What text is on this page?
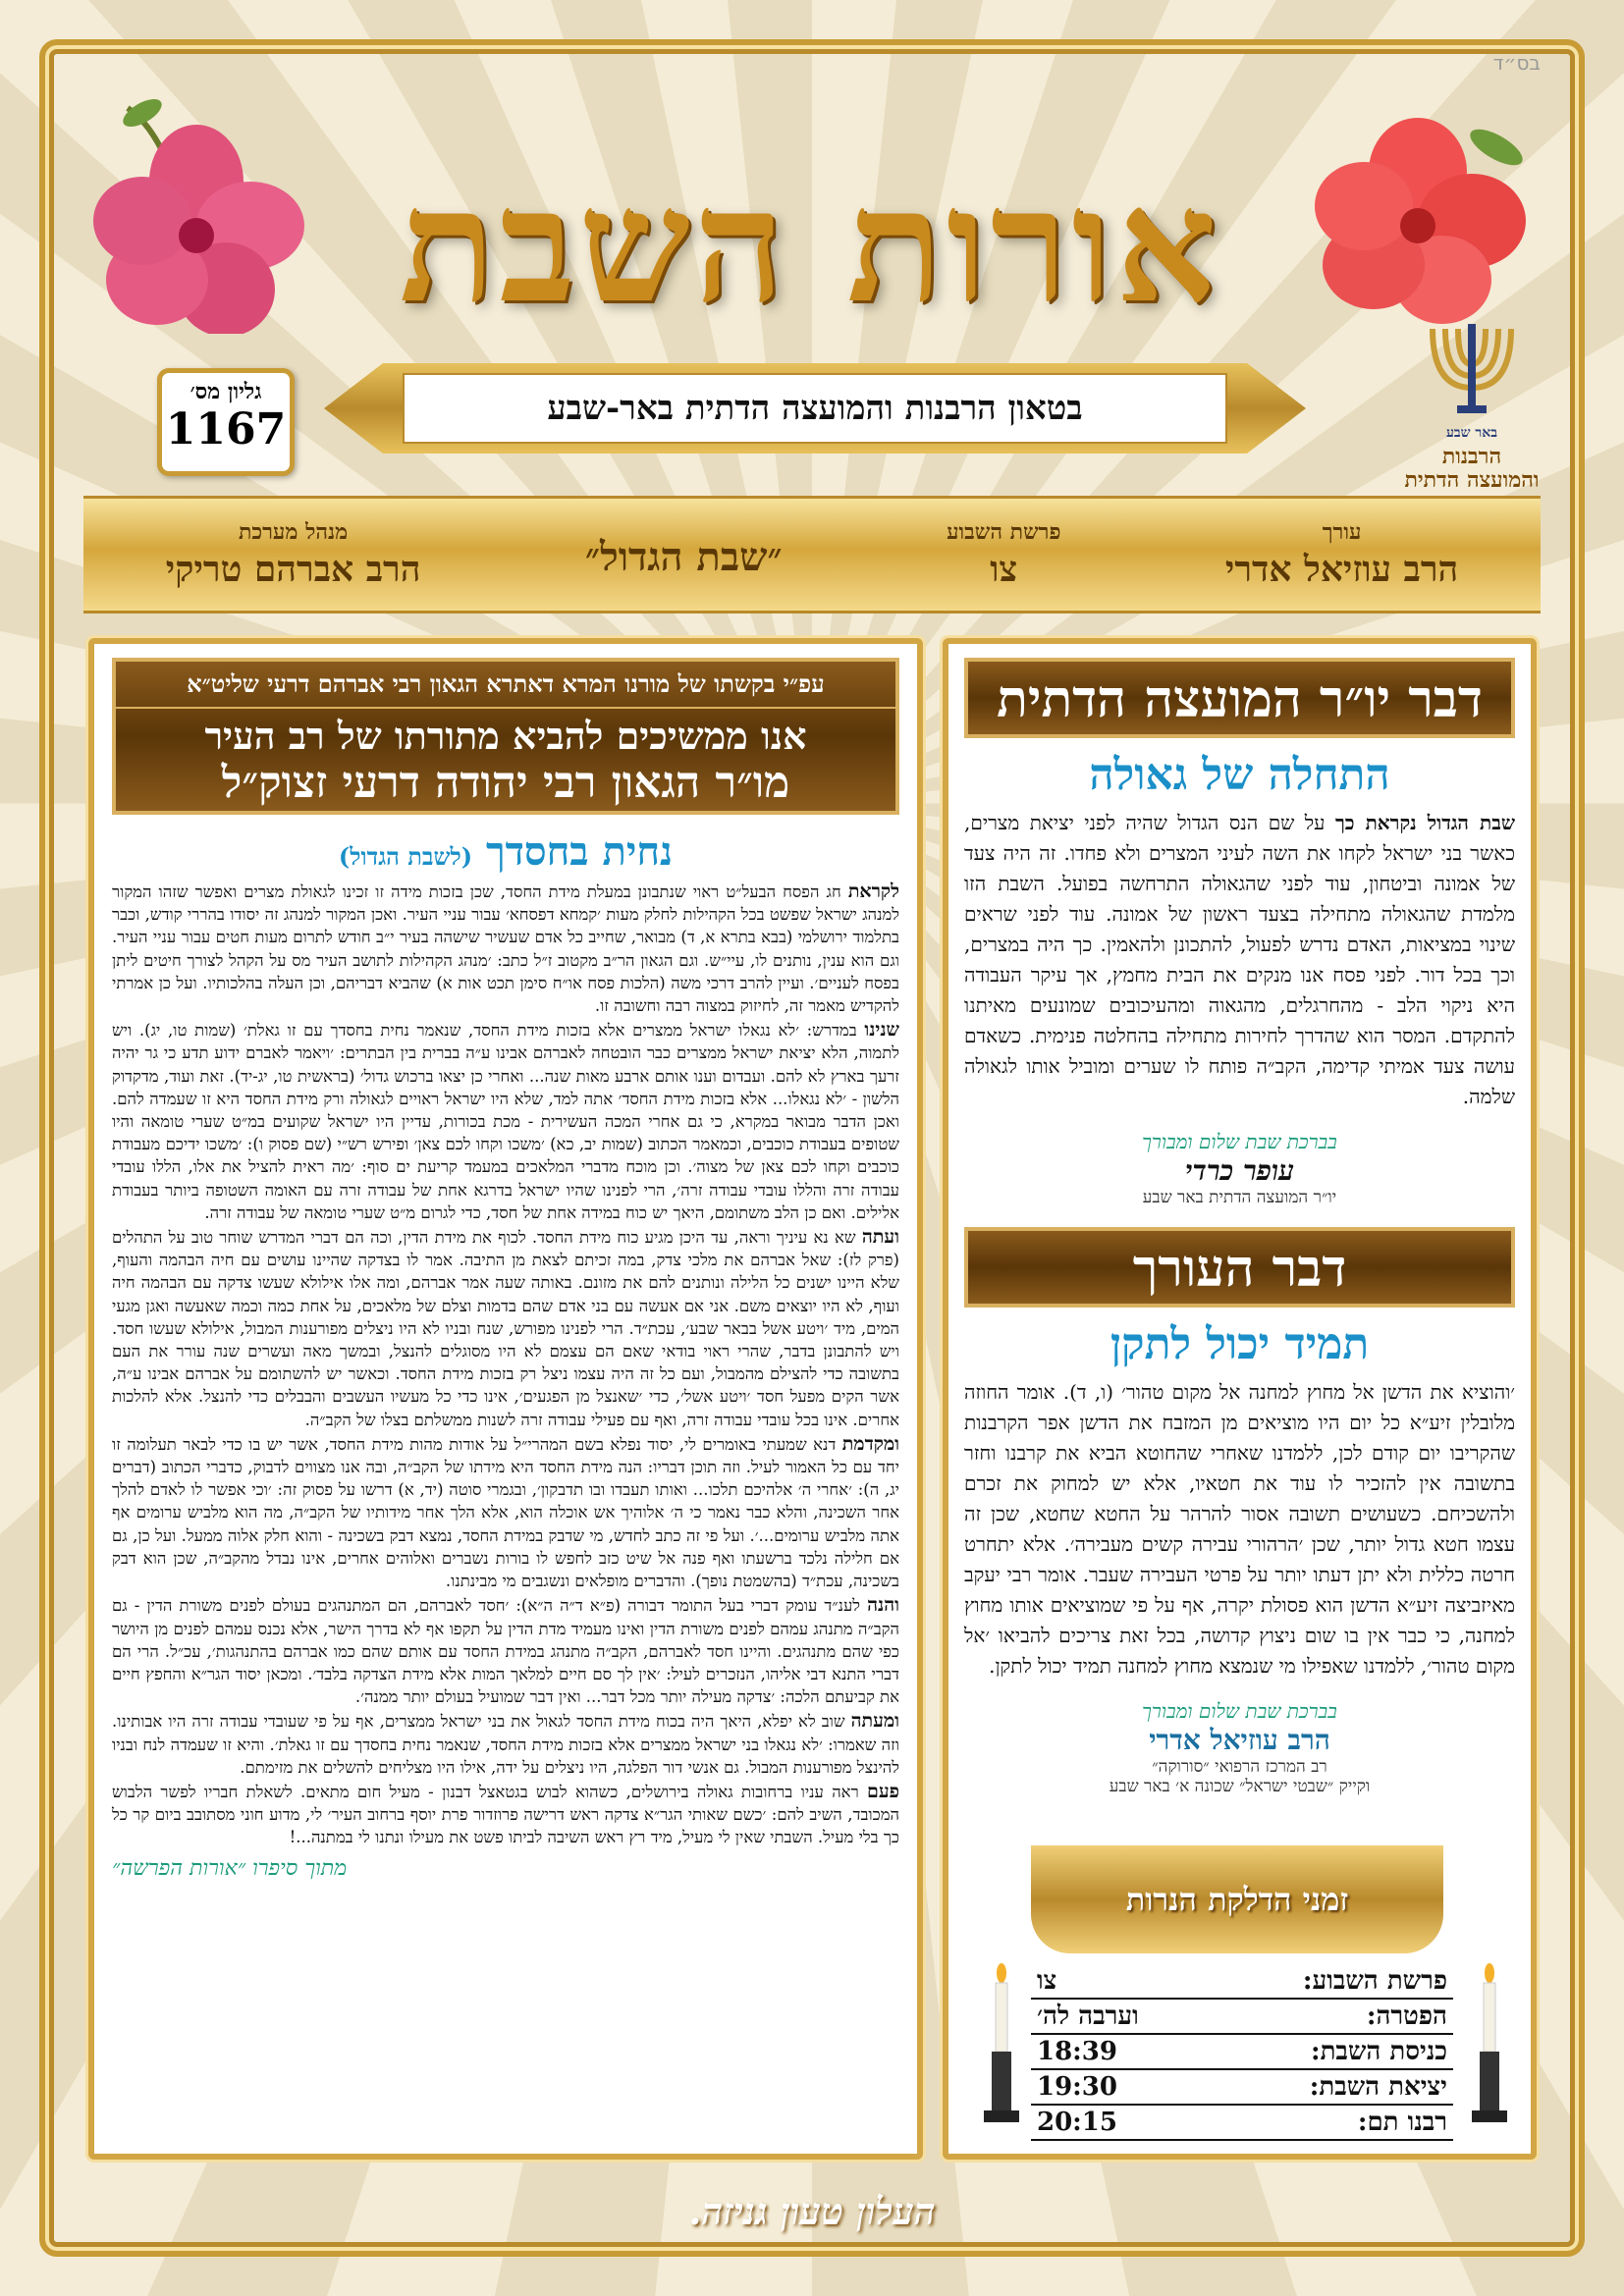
בס״ד
אורות השבת
בטאון הרבנות והמועצה הדתית באר-שבע
גליון מס׳
1167	באר שבע
הרבנות
והמועצה הדתית
עורך
הרב עוזיאל אדרי
פרשת השבוע
צו
״שבת הגדול״
מנהל מערכת
הרב אברהם טריקי
עפ״י בקשתו של מורנו המרא דאתרא הגאון רבי אברהם דרעי שליט״א
אנו ממשיכים להביא מתורתו של רב העיר
מו״ר הגאון רבי יהודה דרעי זצוק״ל
נחית בחסדך (לשבת הגדול)

לקראת חג הפסח הבעל״ט ראוי שנתבונן במעלת מידת החסד, שכן בזכות מידה זו זכינו לגאולת מצרים ואפשר שזהו המקור למנהג ישראל שפשט בכל הקהילות לחלק מעות ׳קמחא דפסחא׳ עבור עניי העיר. ואכן המקור למנהג זה יסודו בהררי קודש, וכבר בתלמוד ירושלמי (בבא בתרא א, ד) מבואר, שחייב כל אדם שעשיר שישהה בעיר י״ב חודש לתרום מעות חטים עבור עניי העיר. וגם הוא ענין, נותנים לו, עיי״ש. וגם הגאון הר״ב מקטוב ז״ל כתב: ׳מנהג הקהילות לתושב העיר מס על הקהל לצורך חיטים ליתן בפסח לעניים׳. ועיין להרב דרכי משה (הלכות פסח או״ח סימן תכט אות א) שהביא דבריהם, וכן העלה בהלכותיו. ועל כן אמרתי להקדיש מאמר זה, לחיזוק במצוה רבה וחשובה זו.

שנינו במדרש: ׳לא נגאלו ישראל ממצרים אלא בזכות מידת החסד, שנאמר נחית בחסדך עם זו גאלת׳ (שמות טו, יג). ויש לתמוה, הלא יציאת ישראל ממצרים כבר הובטחה לאברהם אבינו ע״ה בברית בין הבתרים: ׳ויאמר לאברם ידוע תדע כי גר יהיה זרעך בארץ לא להם. ועבדום וענו אותם ארבע מאות שנה... ואחרי כן יצאו ברכוש גדול׳ (בראשית טו, יג-יד). זאת ועוד, מדקדוק הלשון - ׳לא נגאלו... אלא בזכות מידת החסד׳ אתה למד, שלא היו ישראל ראויים לגאולה ורק מידת החסד היא זו שעמדה להם. ואכן הדבר מבואר במקרא, כי גם אחרי המכה העשירית - מכת בכורות, עדיין היו ישראל שקועים במ״ט שערי טומאה והיו שטופים בעבודת כוכבים, וכמאמר הכתוב (שמות יב, כא) ׳משכו וקחו לכם צאן׳ ופירש רש״י (שם פסוק ו): ׳משכו ידיכם מעבודת כוכבים וקחו לכם צאן של מצוה׳. וכן מוכח מדברי המלאכים במעמד קריעת ים סוף: ׳מה ראית להציל את אלו, הללו עובדי עבודה זרה והללו עובדי עבודה זרה׳, הרי לפנינו שהיו ישראל בדרגא אחת של עבודה זרה עם האומה השטופה ביותר בעבודת אלילים. ואם כן הלב משתומם, היאך יש כוח במידה אחת של חסד, כדי לגרום מ״ט שערי טומאה של עבודה זרה.

ועתה שא נא עיניך וראה, עד היכן מגיע כוח מידת החסד. לכוף את מידת הדין, וכה הם דברי המדרש שוחר טוב על התהלים (פרק לז): שאל אברהם את מלכי צדק, במה זכיתם לצאת מן התיבה. אמר לו בצדקה שהיינו עושים עם חיה הבהמה והעוף, שלא היינו ישנים כל הלילה ונותנים להם את מזונם. באותה שעה אמר אברהם, ומה אלו אילולא שעשו צדקה עם הבהמה חיה ועוף, לא היו יוצאים משם. אני אם אעשה עם בני אדם שהם בדמות וצלם של מלאכים, על אחת כמה וכמה שאעשה ואגן מגעי המים, מיד ׳ויטע אשל בבאר שבע׳, עכת״ד. הרי לפנינו מפורש, שנח ובניו לא היו ניצלים מפורענות המבול, אילולא שעשו חסד. ויש להתבונן בדבר, שהרי ראוי בודאי שאם הם עצמם לא היו מסוגלים להנצל, ובמשך מאה ועשרים שנה עורר את העם בתשובה כדי להצילם מהמבול, ועם כל זה היה עצמו ניצל רק בזכות מידת החסד. וכאשר יש להשתומם על אברהם אבינו ע״ה, אשר הקים מפעל חסד ׳ויטע אשל׳, כדי ׳שאנצל מן הפגעים׳, אינו כדי כל מעשיו העשבים והבבלים כדי להנצל. אלא להלכות אחרים. אינו בכל עובדי עבודה זרה, ואף עם פעילי עבודה זרה לשנות ממשלתם בצלו של הקב״ה.

ומקדמת דנא שמעתי באומרים לי, יסוד נפלא בשם המהרי״ל על אודות מהות מידת החסד, אשר יש בו כדי לבאר תעלומה זו יחד עם כל האמור לעיל. וזה תוכן דבריו: הנה מידת החסד היא מידתו של הקב״ה, ובה אנו מצווים לדבוק, כדברי הכתוב (דברים יג, ה): ׳אחרי ה׳ אלהיכם תלכו... ואותו תעבדו ובו תדבקון׳, ובגמרי סוטה (יד, א) דרשו על פסוק זה: ׳וכי אפשר לו לאדם להלך אחר השכינה, והלא כבר נאמר כי ה׳ אלוהיך אש אוכלה הוא, אלא הלך אחר מידותיו של הקב״ה, מה הוא מלביש ערומים אף אתה מלביש ערומים...׳. ועל פי זה כתב לחדש, מי שדבק במידת החסד, נמצא דבק בשכינה - והוא חלק אלוה ממעל. ועל כן, גם אם חלילה נלכד ברשעתו ואף פנה אל שיט כזב לחפש לו בורות נשברים ואלוהים אחרים, אינו נבדל מהקב״ה, שכן הוא דבק בשכינה, עכת״ד (בהשמטת נופך). והדברים מופלאים ונשגבים מי מבינתנו.

והנה לענ״ד עומק דברי בעל התומר דבורה (פ״א ד״ה ה״א): ׳חסד לאברהם, הם המתנהגים בעולם לפנים משורת הדין - גם הקב״ה מתנהג עמהם לפנים משורת הדין ואינו מעמיד מדת הדין על תקפו אף לא בדרך הישר, אלא נכנס עמהם לפנים מן היושר כפי שהם מתנהגים. והיינו חסד לאברהם, הקב״ה מתנהג במידת החסד עם אותם שהם כמו אברהם בהתנהגות׳, עכ״ל. הרי הם דברי התנא דבי אליהו, הנזכרים לעיל: ׳אין לך סם חיים למלאך המות אלא מידת הצדקה בלבד׳. ומכאן יסוד הגר״א והחפץ חיים את קביעתם הלכה: ׳צדקה מעילה יותר מכל דבר... ואין דבר שמועיל בעולם יותר ממנה׳.

ומעתה שוב לא יפלא, היאך היה בכוח מידת החסד לגאול את בני ישראל ממצרים, אף על פי שעובדי עבודה זרה היו אבותינו. וזה שאמרו: ׳לא נגאלו בני ישראל ממצרים אלא בזכות מידת החסד, שנאמר נחית בחסדך עם זו גאלת׳. והיא זו שעמדה לנח ובניו להינצל מפורענות המבול. גם אנשי דור הפלגה, היו ניצלים על ידה, אילו היו מצליחים להשלים את מזימתם.

פעם ראה עניו ברחובות גאולה בירושלים, כשהוא לבוש בגטאצל דבנון - מעיל חום מתאים. לשאלת חבריו לפשר הלבוש המכובד, השיב להם: ׳כשם שאותי הגר״א צדקה ראש דרישה פרוזדור פרת יוסף ברחוב העיר׳ לי, מדוע חוני מסתובב ביום קר כל כך בלי מעיל. השבתי שאין לי מעיל, מיד רץ ראש השיבה לביתו פשט את מעילו ונתנו לי במתנה...!

מתוך סיפרו ״אורות הפרשה״
דבר יו״ר המועצה הדתית
התחלה של גאולה
שבת הגדול נקראת כך על שם הנס הגדול שהיה לפני יציאת מצרים, כאשר בני ישראל לקחו את השה לעיני המצרים ולא פחדו. זה היה צעד של אמונה וביטחון, עוד לפני שהגאולה התרחשה בפועל. השבת הזו מלמדת שהגאולה מתחילה בצעד ראשון של אמונה. עוד לפני שראים שינוי במציאות, האדם נדרש לפעול, להתכונן ולהאמין. כך היה במצרים, וכך בכל דור. לפני פסח אנו מנקים את הבית מחמץ, אך עיקר העבודה היא ניקוי הלב - מהחרגלים, מהגאוה ומהעיכובים שמונעים מאיתנו להתקדם. המסר הוא שהדרך לחירות מתחילה בהחלטה פנימית. כשאדם עושה צעד אמיתי קדימה, הקב״ה פותח לו שערים ומוביל אותו לגאולה שלמה.
בברכת שבת שלום ומבורך
עופר כרדי
יו״ר המועצה הדתית באר שבע
דבר העורך
תמיד יכול לתקן
׳והוציא את הדשן אל מחוץ למחנה אל מקום טהור׳ (ו, ד). אומר החוזה מלובלין זיע״א כל יום היו מוציאים מן המזבח את הדשן אפר הקרבנות שהקריבו יום קודם לכן, ללמדנו שאחרי שהחוטא הביא את קרבנו וחזר בתשובה אין להזכיר לו עוד את חטאיו, אלא יש למחוק את זכרם ולהשכיחם. כשעושים תשובה אסור להרהר על החטא שחטא, שכן זה עצמו חטא גדול יותר, שכן ׳הרהורי עבירה קשים מעבירה׳. אלא יתחרט חרטה כללית ולא יתן דעתו יותר על פרטי העבירה שעבר. אומר רבי יעקב מאיזביצה זיע״א הדשן הוא פסולת יקרה, אף על פי שמוציאים אותו מחוץ למחנה, כי כבר אין בו שום ניצוץ קדושה, בכל זאת צריכים להביאו ׳אל מקום טהור׳, ללמדנו שאפילו מי שנמצא מחוץ למחנה תמיד יכול לתקן.
בברכת שבת שלום ומבורך
הרב עוזיאל אדרי
רב המרכז הרפואי ״סורוקה״
וקייק ״שבטי ישראל״ שכונה א׳ באר שבע
זמני הדלקת הנרות
פרשת השבוע:	צו
הפטרה:	וערבה לה׳
כניסת השבת:	18:39
יציאת השבת:	19:30
רבנו תם:	20:15
העלון טעון גניזה.
